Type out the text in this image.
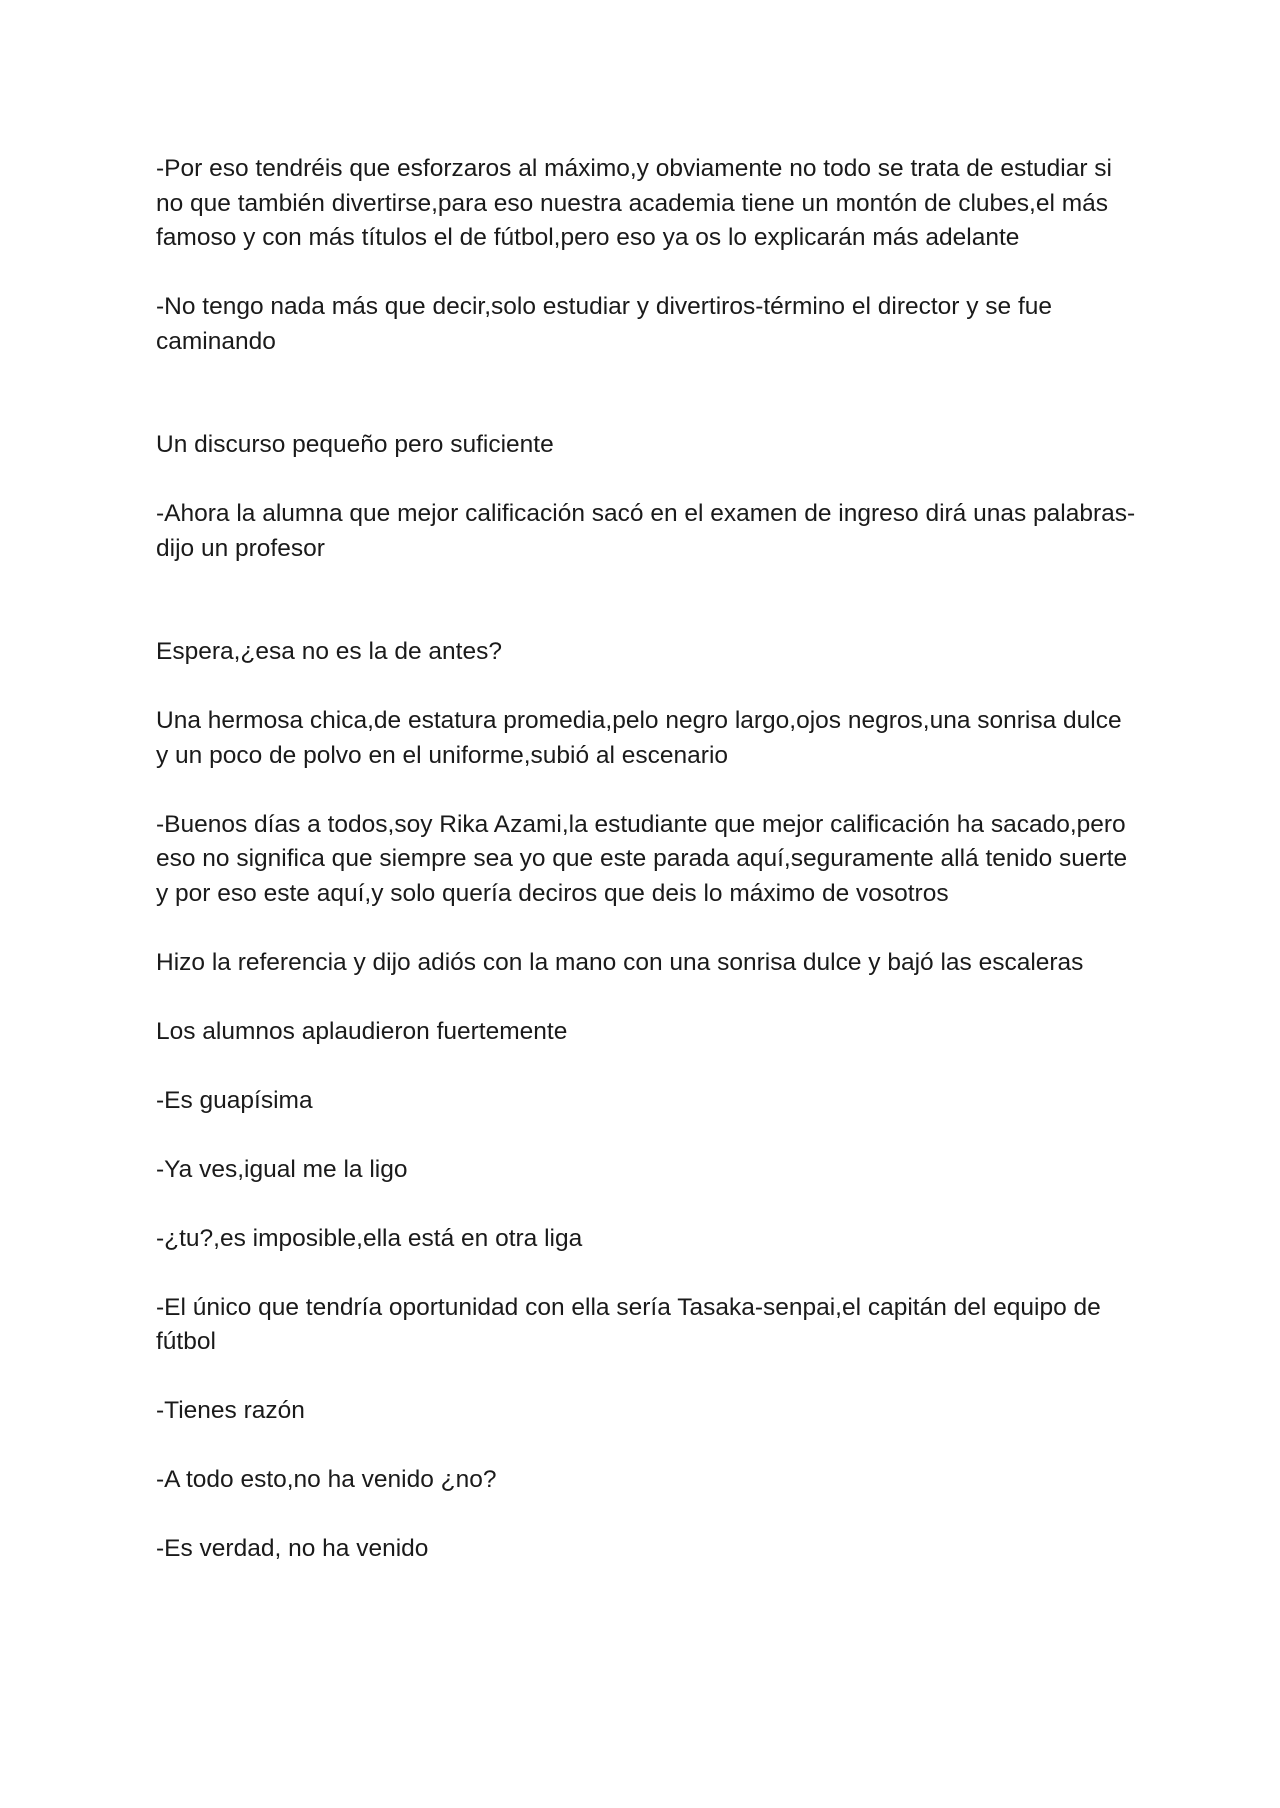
-Por eso tendréis que esforzaros al máximo,y obviamente no todo se trata de estudiar si no que también divertirse,para eso nuestra academia tiene un montón de clubes,el más famoso y con más títulos el de fútbol,pero eso ya os lo explicarán más adelante

-No tengo nada más que decir,solo estudiar y divertiros-término el director y se fue caminando

Un discurso pequeño pero suficiente

-Ahora la alumna que mejor calificación sacó en el examen de ingreso dirá unas palabras-dijo un profesor

Espera,¿esa no es la de antes?

Una hermosa chica,de estatura promedia,pelo negro largo,ojos negros,una sonrisa dulce  y un poco de polvo en el uniforme,subió al escenario

-Buenos días a todos,soy Rika Azami,la estudiante que mejor calificación ha sacado,pero eso no significa que siempre sea yo que este parada aquí,seguramente allá tenido suerte y por eso este aquí,y solo quería deciros que deis lo máximo de vosotros

Hizo la referencia y dijo adiós con la mano con una sonrisa dulce y bajó las escaleras

Los alumnos aplaudieron fuertemente

-Es guapísima

-Ya ves,igual me la ligo

-¿tu?,es imposible,ella está en otra liga

-El único que tendría oportunidad con ella sería Tasaka-senpai,el capitán del equipo de fútbol

-Tienes razón

-A todo esto,no ha venido ¿no?

-Es verdad, no ha venido
